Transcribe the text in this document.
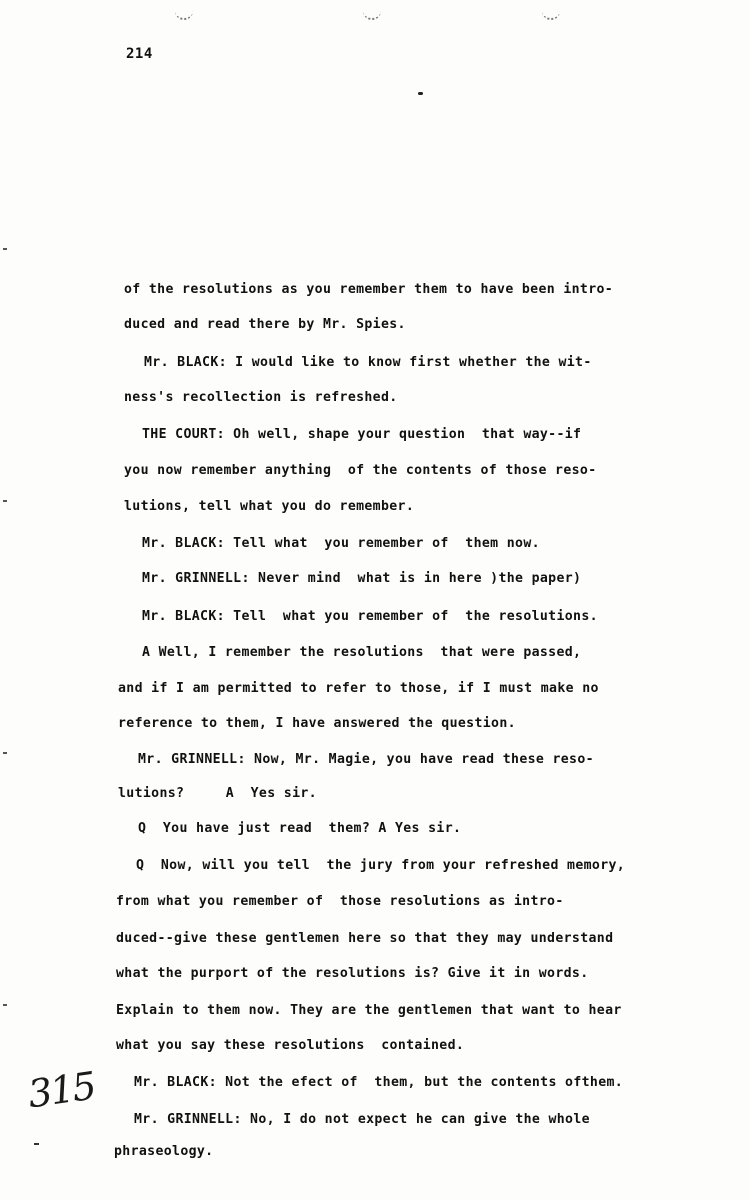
214
of the resolutions as you remember them to have been intro-
duced and read there by Mr. Spies.
Mr. BLACK: I would like to know first whether the wit-
ness's recollection is refreshed.
THE COURT: Oh well, shape your question  that way--if
you now remember anything  of the contents of those reso-
lutions, tell what you do remember.
Mr. BLACK: Tell what  you remember of  them now.
Mr. GRINNELL: Never mind  what is in here )the paper)
Mr. BLACK: Tell  what you remember of  the resolutions.
A Well, I remember the resolutions  that were passed,
and if I am permitted to refer to those, if I must make no
reference to them, I have answered the question.
Mr. GRINNELL: Now, Mr. Magie, you have read these reso-
lutions?     A  Yes sir.
Q  You have just read  them? A Yes sir.
Q  Now, will you tell  the jury from your refreshed memory,
from what you remember of  those resolutions as intro-
duced--give these gentlemen here so that they may understand
what the purport of the resolutions is? Give it in words.
Explain to them now. They are the gentlemen that want to hear
what you say these resolutions  contained.
Mr. BLACK: Not the efect of  them, but the contents ofthem.
Mr. GRINNELL: No, I do not expect he can give the whole
phraseology.
315
